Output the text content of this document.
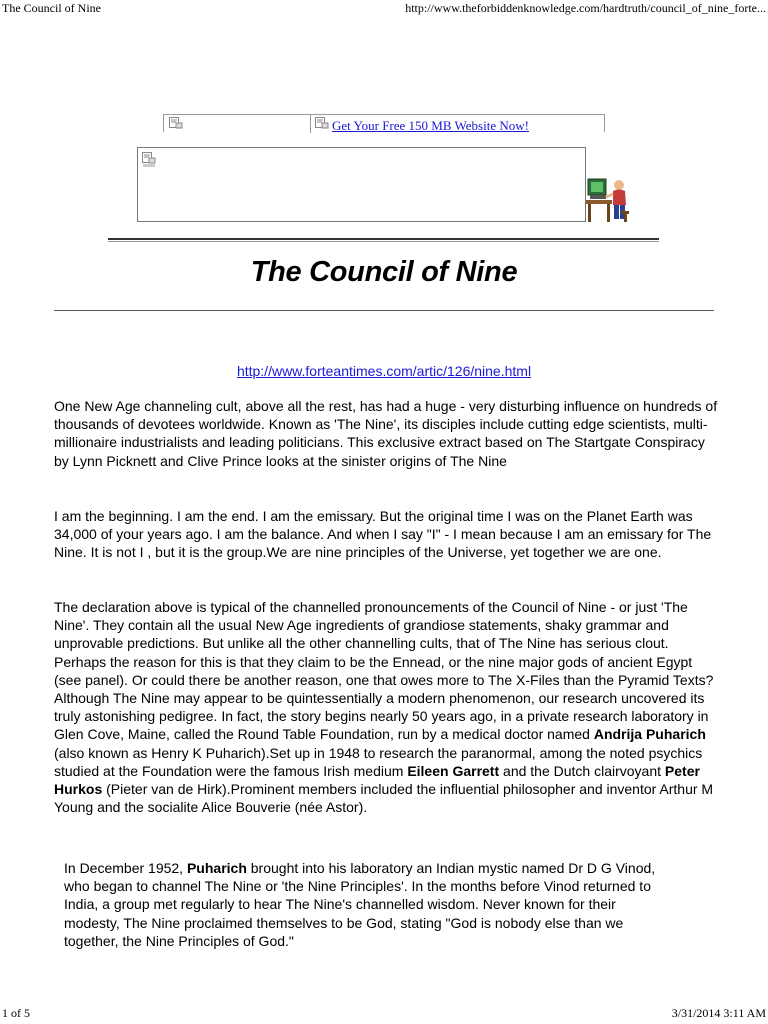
The Council of Nine	http://www.theforbiddenknowledge.com/hardtruth/council_of_nine_forte...
Get Your Free 150 MB Website Now!
The Council of Nine
http://www.forteantimes.com/artic/126/nine.html

One New Age channeling cult, above all the rest, has had a huge - very disturbing influence on hundreds of thousands of devotees worldwide. Known as 'The Nine', its disciples include cutting edge scientists, multi-millionaire industrialists and leading politicians. This exclusive extract based on The Startgate Conspiracy by Lynn Picknett and Clive Prince looks at the sinister origins of The Nine

I am the beginning. I am the end. I am the emissary. But the original time I was on the Planet Earth was 34,000 of your years ago. I am the balance. And when I say "I" - I mean because I am an emissary for The Nine. It is not I , but it is the group.We are nine principles of the Universe, yet together we are one.

The declaration above is typical of the channelled pronouncements of the Council of Nine - or just 'The Nine'. They contain all the usual New Age ingredients of grandiose statements, shaky grammar and unprovable predictions. But unlike all the other channelling cults, that of The Nine has serious clout. Perhaps the reason for this is that they claim to be the Ennead, or the nine major gods of ancient Egypt (see panel). Or could there be another reason, one that owes more to The X-Files than the Pyramid Texts? Although The Nine may appear to be quintessentially a modern phenomenon, our research uncovered its truly astonishing pedigree. In fact, the story begins nearly 50 years ago, in a private research laboratory in Glen Cove, Maine, called the Round Table Foundation, run by a medical doctor named Andrija Puharich (also known as Henry K Puharich).Set up in 1948 to research the paranormal, among the noted psychics studied at the Foundation were the famous Irish medium Eileen Garrett and the Dutch clairvoyant Peter Hurkos (Pieter van de Hirk).Prominent members included the influential philosopher and inventor Arthur M Young and the socialite Alice Bouverie (née Astor).

In December 1952, Puharich brought into his laboratory an Indian mystic named Dr D G Vinod, who began to channel The Nine or 'the Nine Principles'. In the months before Vinod returned to India, a group met regularly to hear The Nine's channelled wisdom. Never known for their modesty, The Nine proclaimed themselves to be God, stating "God is nobody else than we together, the Nine Principles of God."

1 of 5	3/31/2014 3:11 AM
